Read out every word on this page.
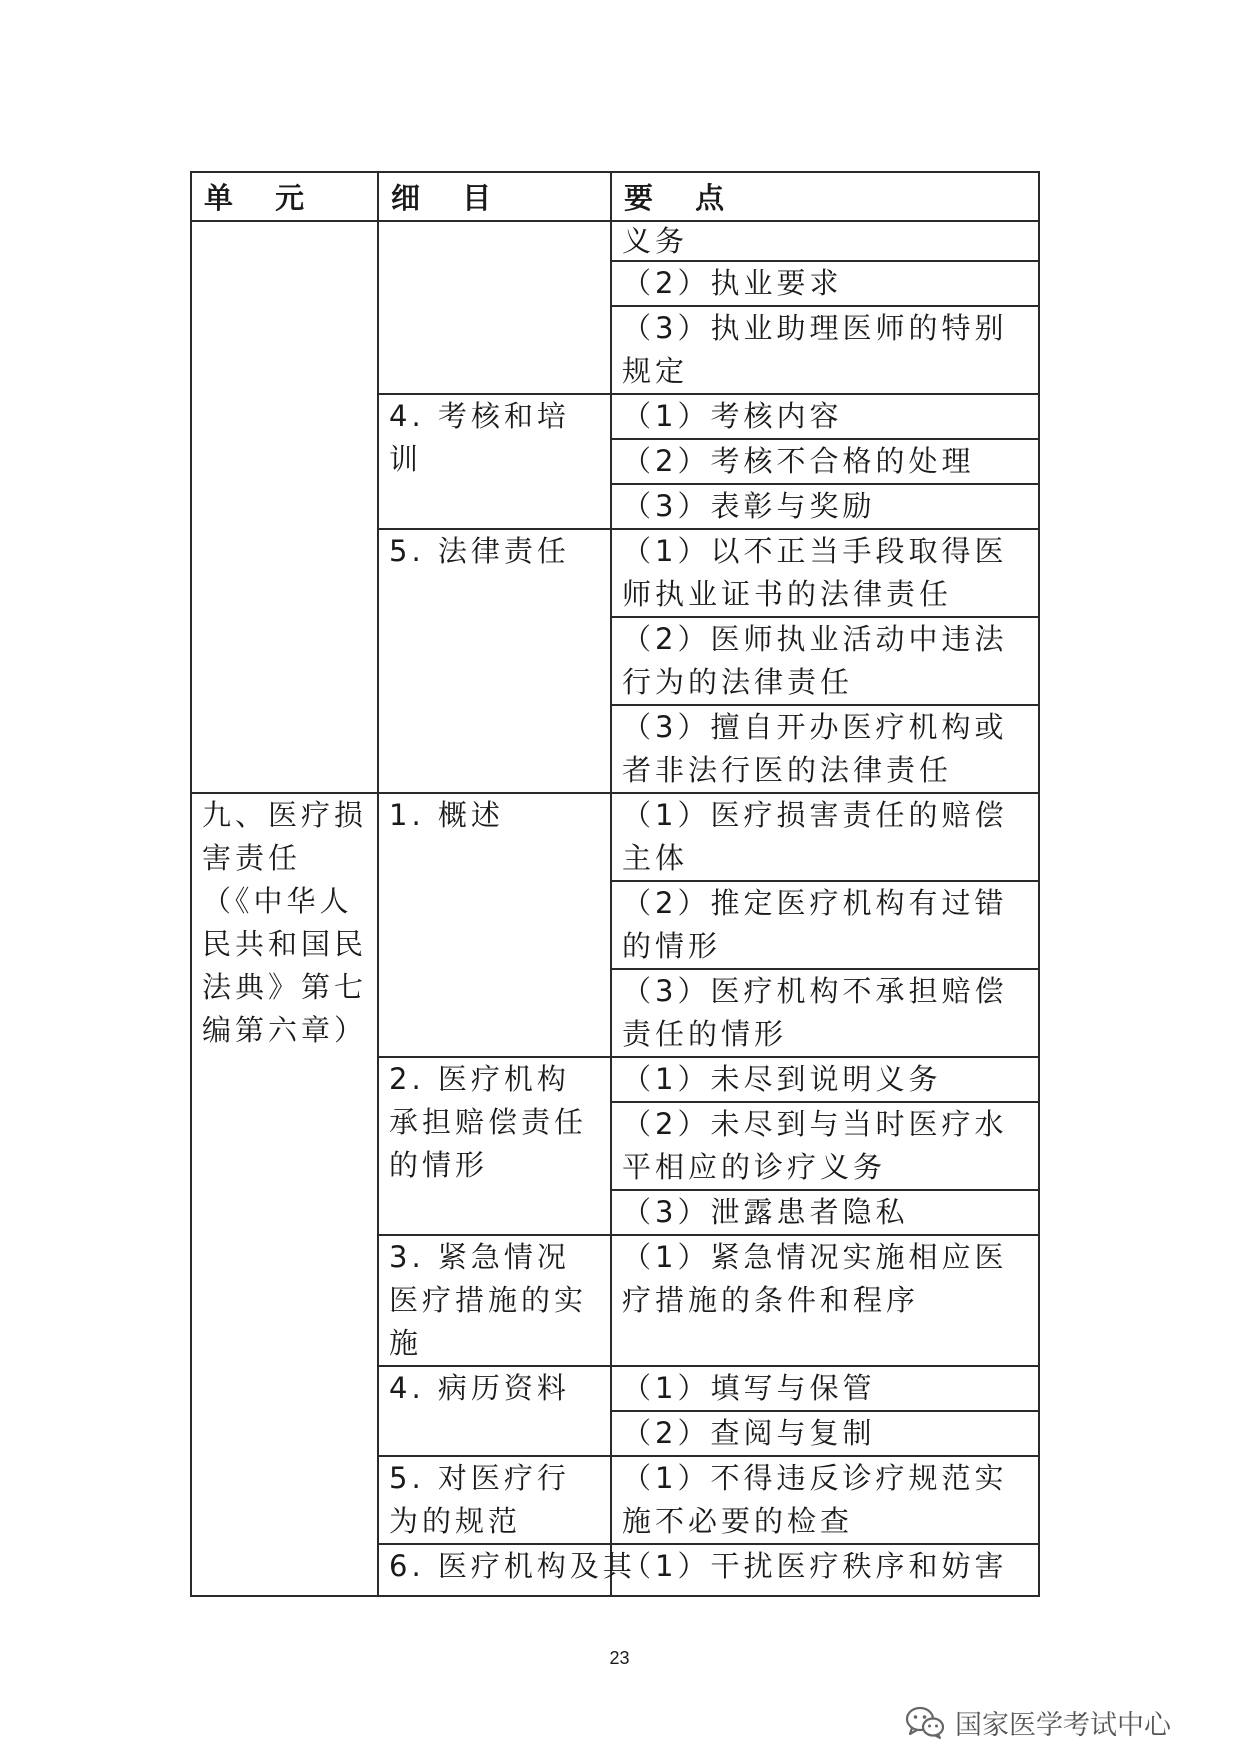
单 元	细 目	要 点
		义务
		（2）执业要求
		（3）执业助理医师的特别规定
	4. 考核和培训	（1）考核内容
		（2）考核不合格的处理
		（3）表彰与奖励
	5. 法律责任	（1）以不正当手段取得医师执业证书的法律责任
		（2）医师执业活动中违法行为的法律责任
		（3）擅自开办医疗机构或者非法行医的法律责任
九、医疗损害责任（《中华人民共和国民法典》第七编第六章）	1. 概述	（1）医疗损害责任的赔偿主体
		（2）推定医疗机构有过错的情形
		（3）医疗机构不承担赔偿责任的情形
	2. 医疗机构承担赔偿责任的情形	（1）未尽到说明义务
		（2）未尽到与当时医疗水平相应的诊疗义务
		（3）泄露患者隐私
	3. 紧急情况医疗措施的实施	（1）紧急情况实施相应医疗措施的条件和程序
	4. 病历资料	（1）填写与保管
		（2）查阅与复制
	5. 对医疗行为的规范	（1）不得违反诊疗规范实施不必要的检查
	6. 医疗机构及其	（1）干扰医疗秩序和妨害
23
国家医学考试中心
